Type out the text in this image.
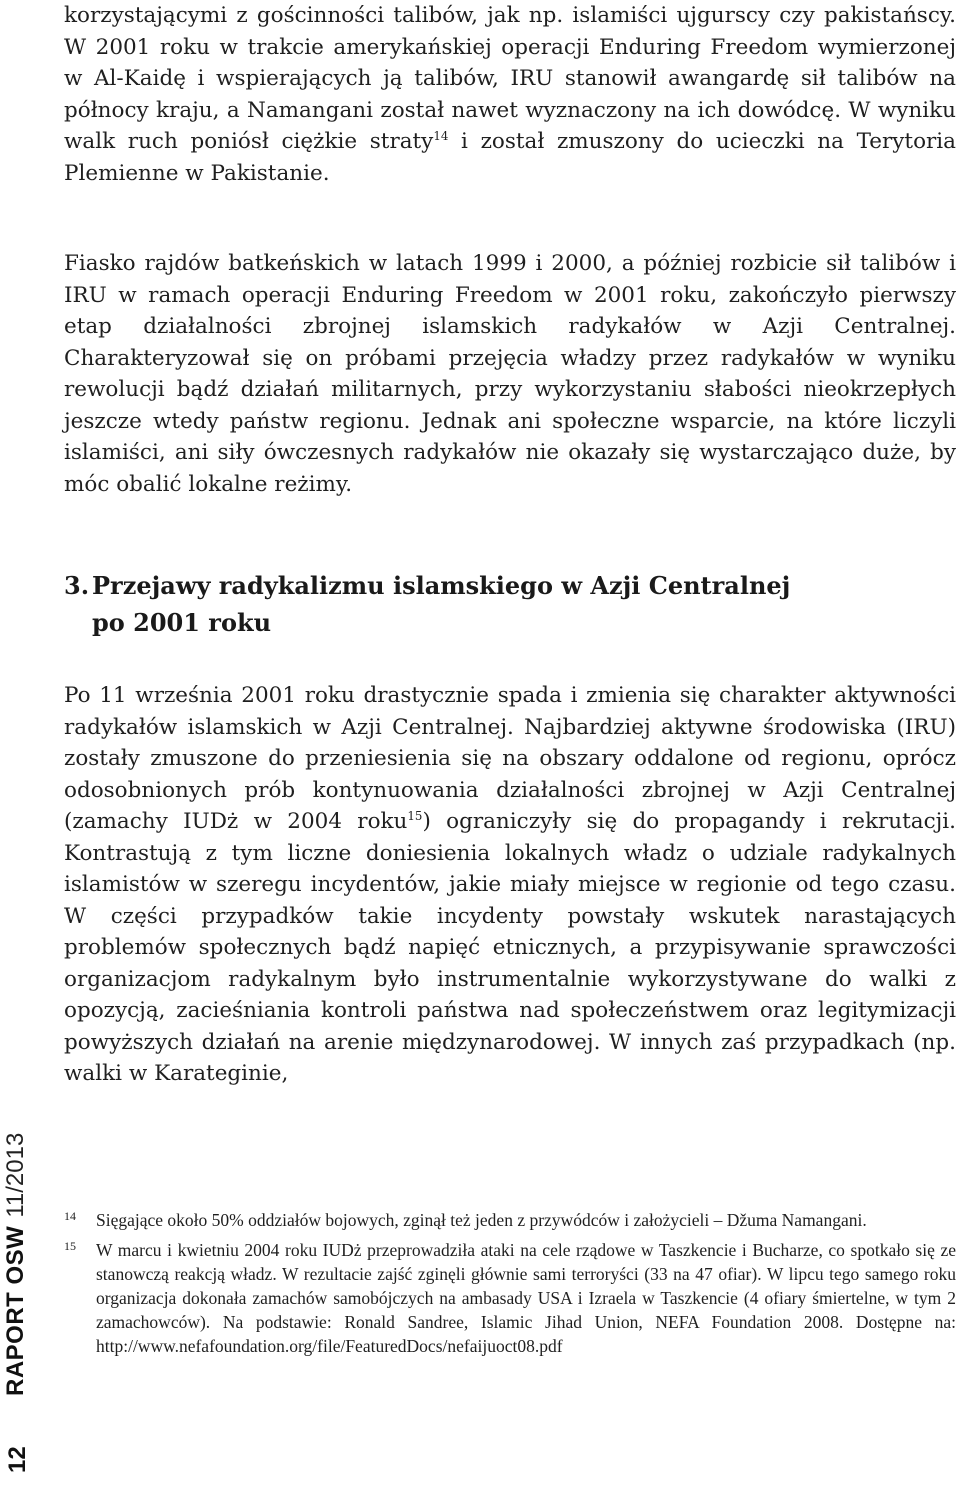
korzystającymi z gościnności talibów, jak np. islamiści ujgurscy czy pakistańscy. W 2001 roku w trakcie amerykańskiej operacji Enduring Freedom wymierzonej w Al-Kaidę i wspierających ją talibów, IRU stanowił awangardę sił talibów na północy kraju, a Namangani został nawet wyznaczony na ich dowódcę. W wyniku walk ruch poniósł ciężkie straty$^{14}$ i został zmuszony do ucieczki na Terytoria Plemienne w Pakistanie.

Fiasko rajdów batkeńskich w latach 1999 i 2000, a później rozbicie sił talibów i IRU w ramach operacji Enduring Freedom w 2001 roku, zakończyło pierwszy etap działalności zbrojnej islamskich radykałów w Azji Centralnej. Charakteryzował się on próbami przejęcia władzy przez radykałów w wyniku rewolucji bądź działań militarnych, przy wykorzystaniu słabości nieokrzepłych jeszcze wtedy państw regionu. Jednak ani społeczne wsparcie, na które liczyli islamiści, ani siły ówczesnych radykałów nie okazały się wystarczająco duże, by móc obalić lokalne reżimy.

3. Przejawy radykalizmu islamskiego w Azji Centralnej
po 2001 roku

Po 11 września 2001 roku drastycznie spada i zmienia się charakter aktywności radykałów islamskich w Azji Centralnej. Najbardziej aktywne środowiska (IRU) zostały zmuszone do przeniesienia się na obszary oddalone od regionu, oprócz odosobnionych prób kontynuowania działalności zbrojnej w Azji Centralnej (zamachy IUDż w 2004 roku$^{15}$) ograniczyły się do propagandy i rekrutacji. Kontrastują z tym liczne doniesienia lokalnych władz o udziale radykalnych islamistów w szeregu incydentów, jakie miały miejsce w regionie od tego czasu. W części przypadków takie incydenty powstały wskutek narastających problemów społecznych bądź napięć etnicznych, a przypisywanie sprawczości organizacjom radykalnym było instrumentalnie wykorzystywane do walki z opozycją, zacieśniania kontroli państwa nad społeczeństwem oraz legitymizacji powyższych działań na arenie międzynarodowej. W innych zaś przypadkach (np. walki w Karateginie,

14 Sięgające około 50% oddziałów bojowych, zginął też jeden z przywódców i założycieli – Džuma Namangani.
15 W marcu i kwietniu 2004 roku IUDż przeprowadziła ataki na cele rządowe w Taszkencie i Bucharze, co spotkało się ze stanowczą reakcją władz. W rezultacie zajść zginęli głównie sami terroryści (33 na 47 ofiar). W lipcu tego samego roku organizacja dokonała zamachów samobójczych na ambasady USA i Izraela w Taszkencie (4 ofiary śmiertelne, w tym 2 zamachowców). Na podstawie: Ronald Sandree, Islamic Jihad Union, NEFA Foundation 2008. Dostępne na: http://www.nefafoundation.org/file/FeaturedDocs/nefaijuoct08.pdf
RAPORT OSW11/2013
12
